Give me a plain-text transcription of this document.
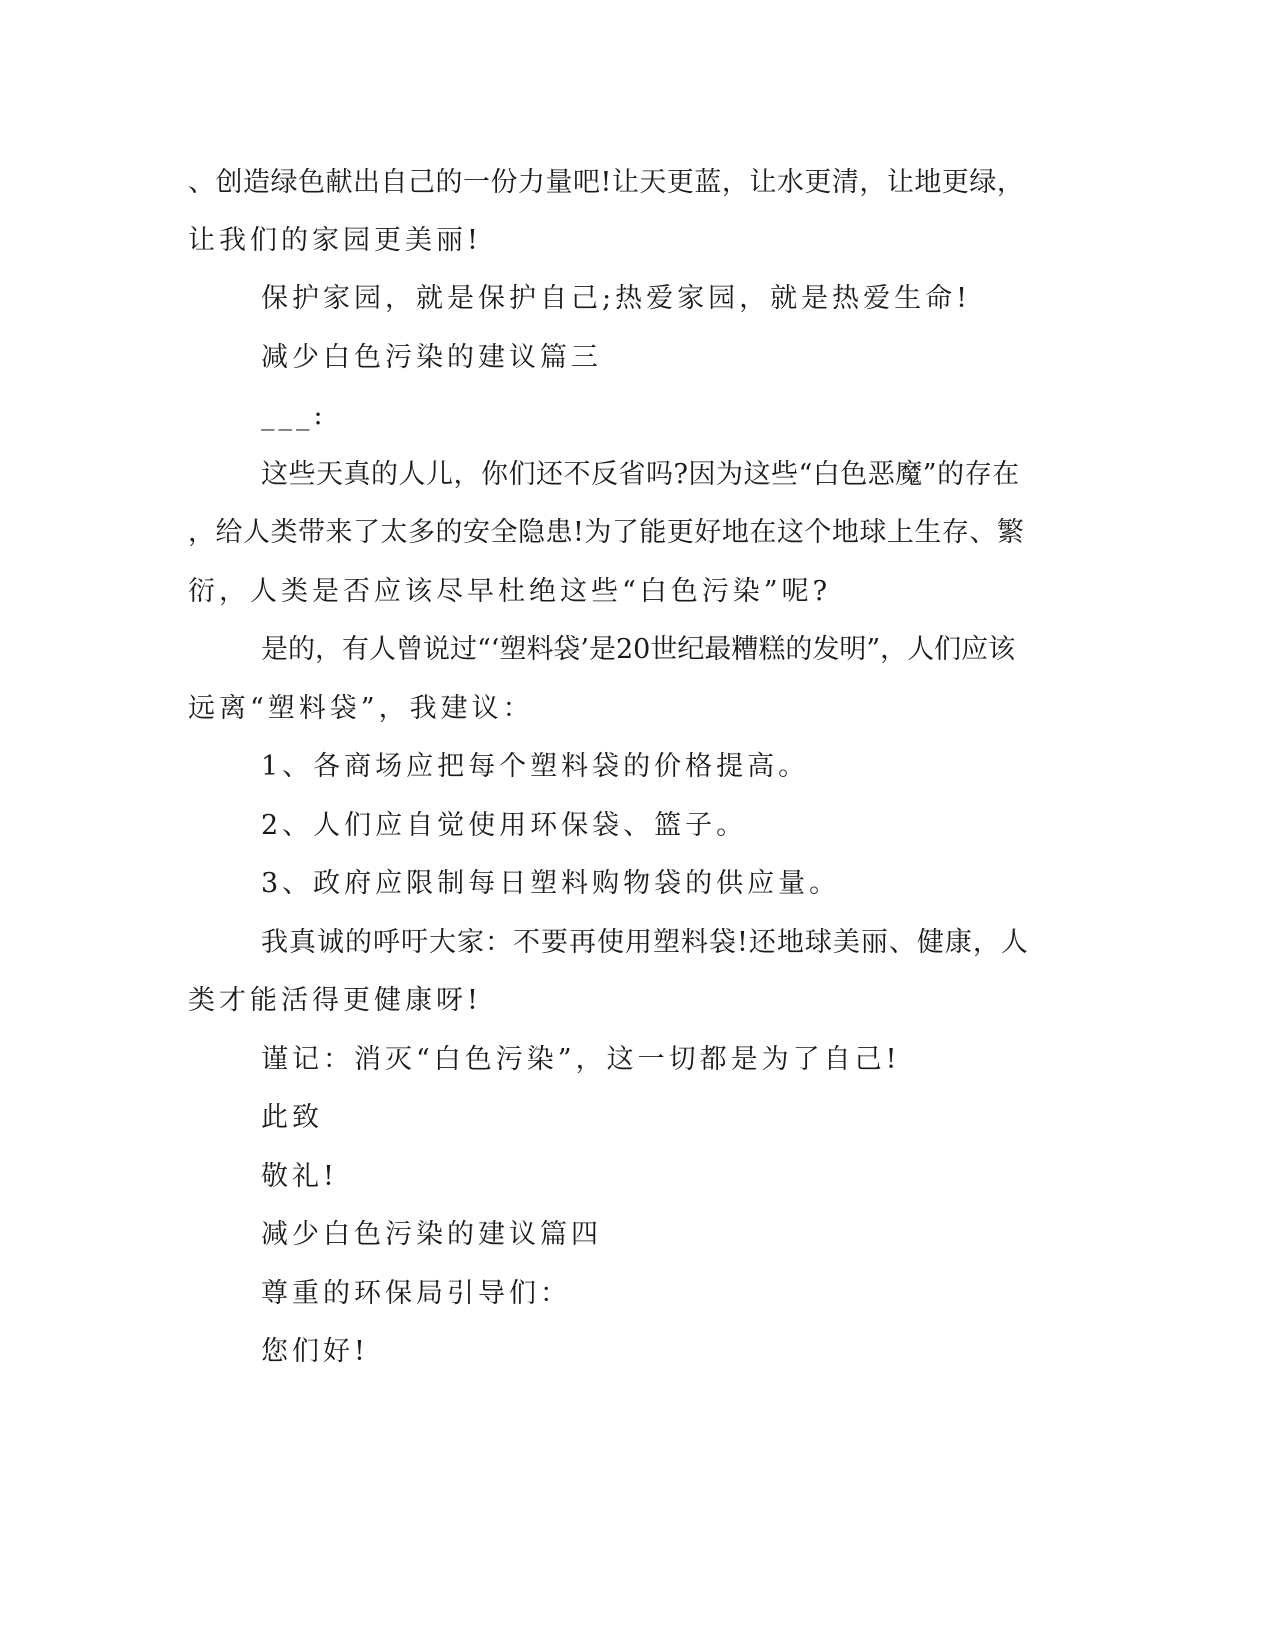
、创造绿色献出自己的一份力量吧!让天更蓝，让水更清，让地更绿，
让我们的家园更美丽!
保护家园，就是保护自己;热爱家园，就是热爱生命!
减少白色污染的建议篇三
___:
这些天真的人儿，你们还不反省吗?因为这些“白色恶魔”的存在
，给人类带来了太多的安全隐患!为了能更好地在这个地球上生存、繁
衍，人类是否应该尽早杜绝这些“白色污染”呢?
是的，有人曾说过“‘塑料袋’是20世纪最糟糕的发明”，人们应该
远离“塑料袋”，我建议：
1、各商场应把每个塑料袋的价格提高。
2、人们应自觉使用环保袋、篮子。
3、政府应限制每日塑料购物袋的供应量。
我真诚的呼吁大家：不要再使用塑料袋!还地球美丽、健康，人
类才能活得更健康呀!
谨记：消灭“白色污染”，这一切都是为了自己!
此致
敬礼!
减少白色污染的建议篇四
尊重的环保局引导们：
您们好!
